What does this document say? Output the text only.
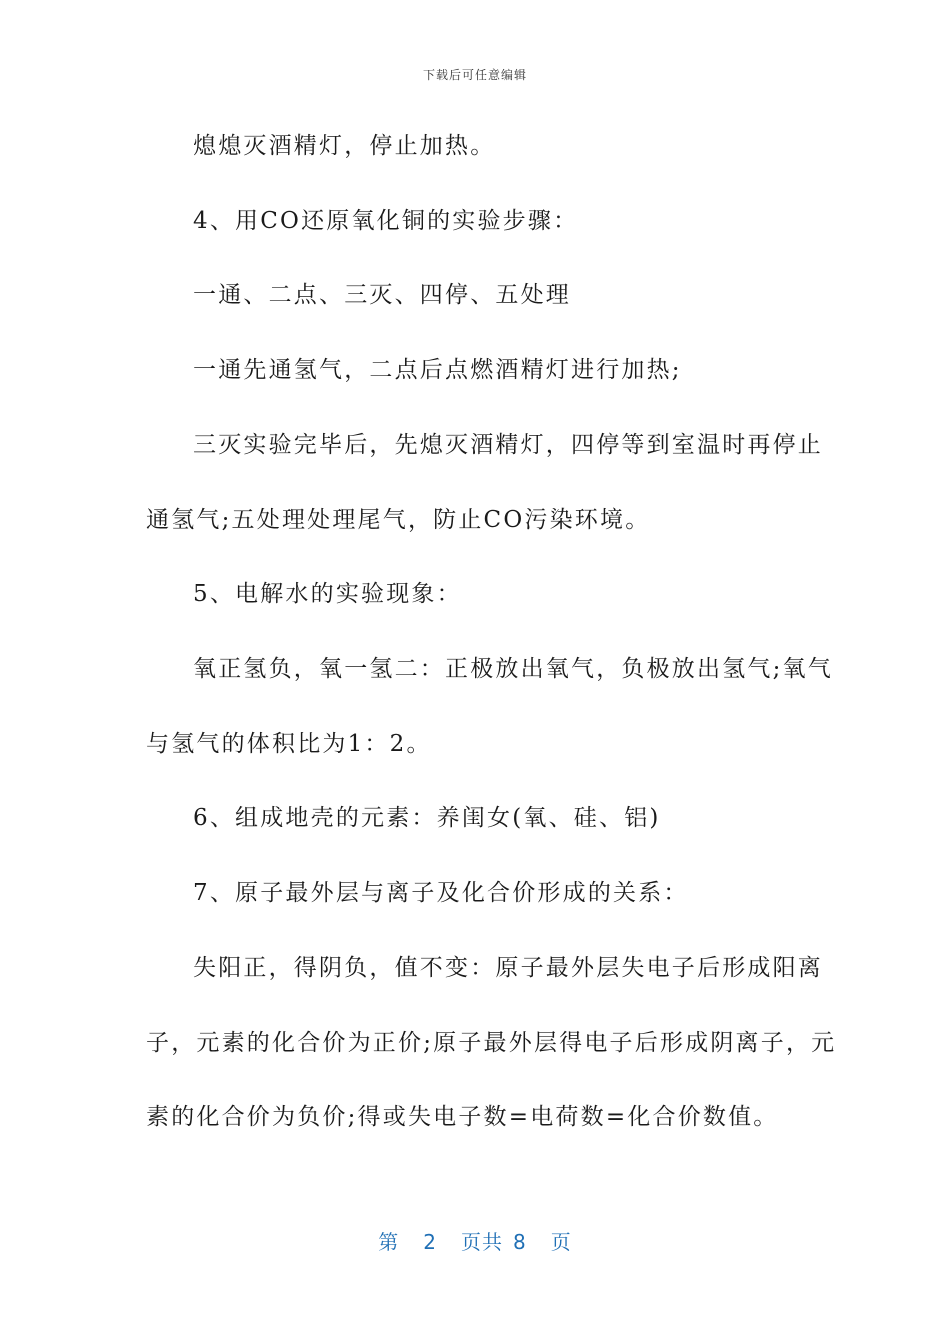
下载后可任意编辑
熄熄灭酒精灯，停止加热。
4、用CO还原氧化铜的实验步骤：
一通、二点、三灭、四停、五处理
一通先通氢气，二点后点燃酒精灯进行加热;
三灭实验完毕后，先熄灭酒精灯，四停等到室温时再停止
通氢气;五处理处理尾气，防止CO污染环境。
5、电解水的实验现象：
氧正氢负，氧一氢二：正极放出氧气，负极放出氢气;氧气
与氢气的体积比为1：2。
6、组成地壳的元素：养闺女(氧、硅、铝)
7、原子最外层与离子及化合价形成的关系：
失阳正，得阴负，值不变：原子最外层失电子后形成阳离
子，元素的化合价为正价;原子最外层得电子后形成阴离子，元
素的化合价为负价;得或失电子数=电荷数=化合价数值。
第 2 页共 8 页
